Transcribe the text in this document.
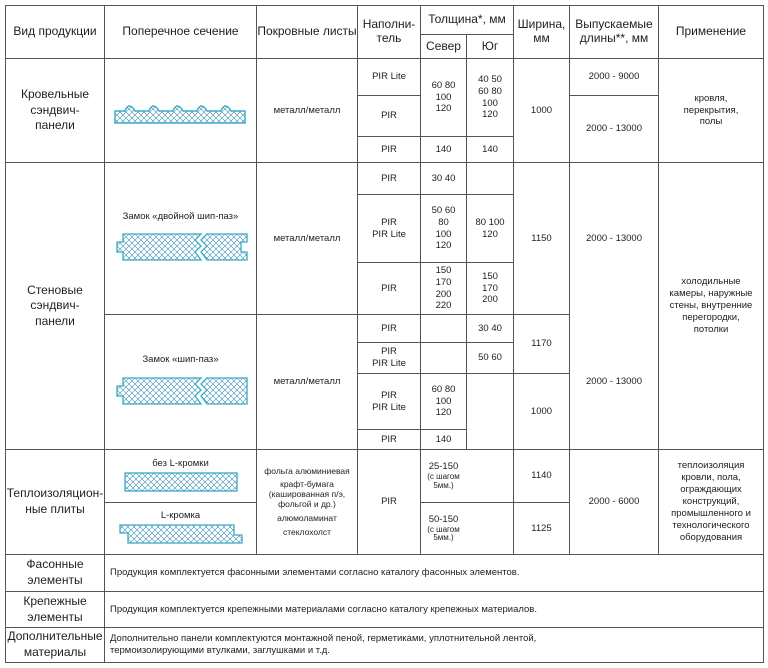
Вид продукции Поперечное сечение Покровные листы Наполни-тель
Толщина*, мм
Север Юг
Ширина, мм
Выпускаемые длины**, мм	Применение
Кровельные сэндвич-панели
металл/металл
PIR Lite
PIR
PIR
60 80 100 120
140
40 50 60 80 100 120
140
1000
2000 - 9000
2000 - 13000
кровля, перекрытия, полы
Стеновые сэндвич-панели
Замок «двойной шип-паз»
Замок «шип-паз»
металл/металл
металл/металл
PIR
PIR PIR Lite
PIR
30 40
50 60 80 100 120
150 170 200 220
80 100 120
150 170 200
1150	2000 - 13000
PIR
PIR PIR Lite
PIR PIR Lite
PIR
60 80 100 120
140
30 40
50 60
1170
1000
2000 - 13000
холодильные камеры, наружные стены, внутренние перегородки, потолки
Теплоизоляцион-ные плиты
без L-кромки
L-кромка
фольга алюминиевая
крафт-бумага (кашированная п/э, фольгой и др.)
алюмоламинат
стеклохолст
PIR
25-150
(с шагом 5мм.)
50-150
(с шагом 5мм.)
1140
1125
2000 - 6000
теплоизоляция кровли, пола, ограждающих конструкций, промышленного и технологического оборудования
Фасонные элементы
Продукция комплектуется фасонными элементами согласно каталогу фасонных элементов.
Крепежные элементы
Продукция комплектуется крепежными материалами согласно каталогу крепежных материалов.
Дополнительные материалы
Дополнительно панели комплектуются монтажной пеной, герметиками, уплотнительной лентой, термоизолирующими втулками, заглушками и т.д.
